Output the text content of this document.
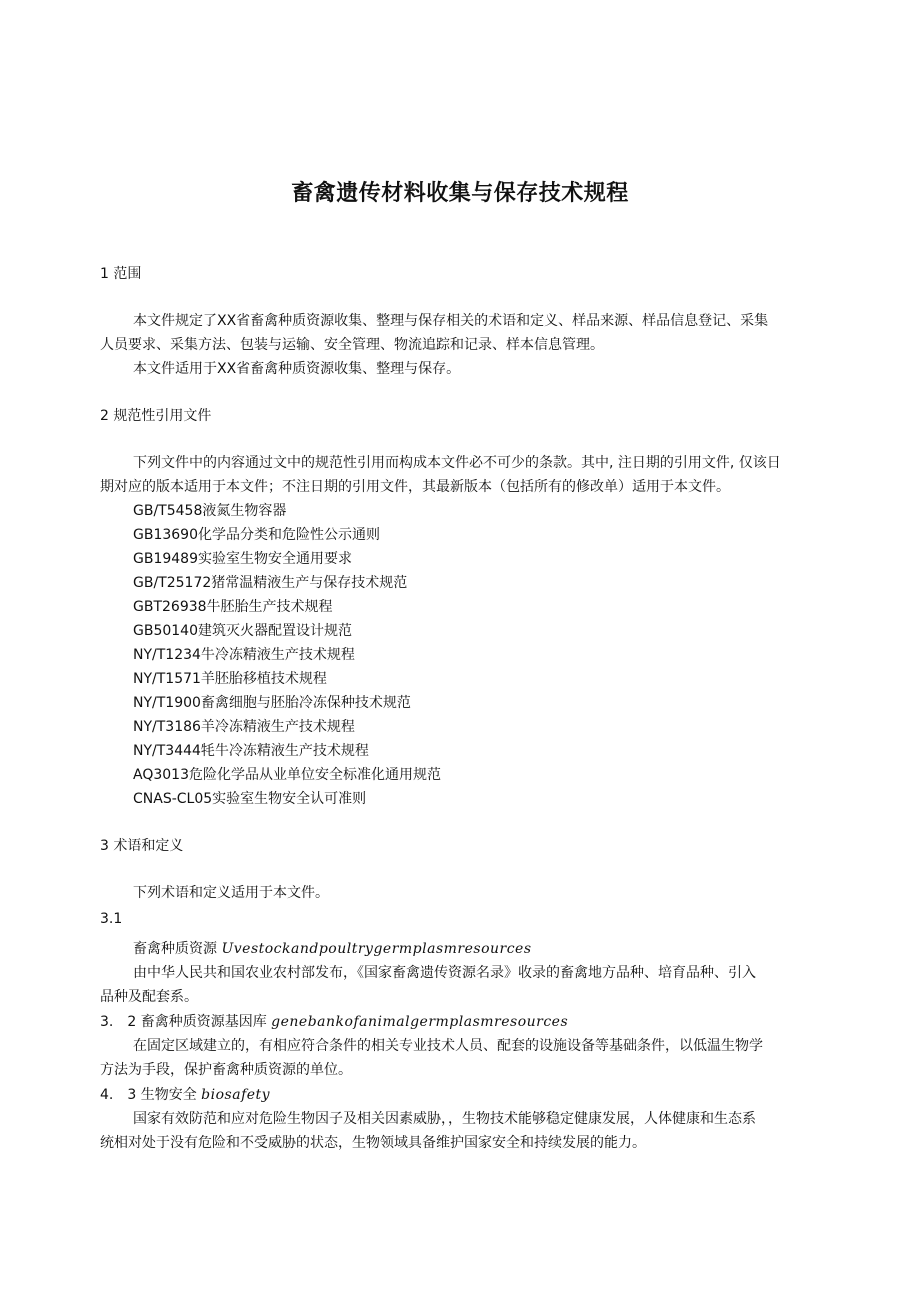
畜禽遗传材料收集与保存技术规程
1 范围
本文件规定了XX省畜禽种质资源收集、整理与保存相关的术语和定义、样品来源、样品信息登记、采集
人员要求、采集方法、包装与运输、安全管理、物流追踪和记录、样本信息管理。
本文件适用于XX省畜禽种质资源收集、整理与保存。
2 规范性引用文件
下列文件中的内容通过文中的规范性引用而构成本文件必不可少的条款。其中, 注日期的引用文件, 仅该日
期对应的版本适用于本文件；不注日期的引用文件，其最新版本（包括所有的修改单）适用于本文件。
GB/T5458液氮生物容器
GB13690化学品分类和危险性公示通则
GB19489实验室生物安全通用要求
GB/T25172猪常温精液生产与保存技术规范
GBT26938牛胚胎生产技术规程
GB50140建筑灭火器配置设计规范
NY/T1234牛冷冻精液生产技术规程
NY/T1571羊胚胎移植技术规程
NY/T1900畜禽细胞与胚胎冷冻保种技术规范
NY/T3186羊冷冻精液生产技术规程
NY/T3444牦牛冷冻精液生产技术规程
AQ3013危险化学品从业单位安全标准化通用规范
CNAS-CL05实验室生物安全认可准则
3 术语和定义
下列术语和定义适用于本文件。
3.1
畜禽种质资源 Uvestockandpoultrygermplasmresources
由中华人民共和国农业农村部发布，《国家畜禽遗传资源名录》收录的畜禽地方品种、培育品种、引入
品种及配套系。
3.　2 畜禽种质资源基因库 genebankofanimalgermplasmresources
在固定区域建立的，有相应符合条件的相关专业技术人员、配套的设施设备等基础条件，以低温生物学
方法为手段，保护畜禽种质资源的单位。
4.　3 生物安全 biosafety
国家有效防范和应对危险生物因子及相关因素威胁，，生物技术能够稳定健康发展，人体健康和生态系
统相对处于没有危险和不受威胁的状态，生物领域具备维护国家安全和持续发展的能力。
